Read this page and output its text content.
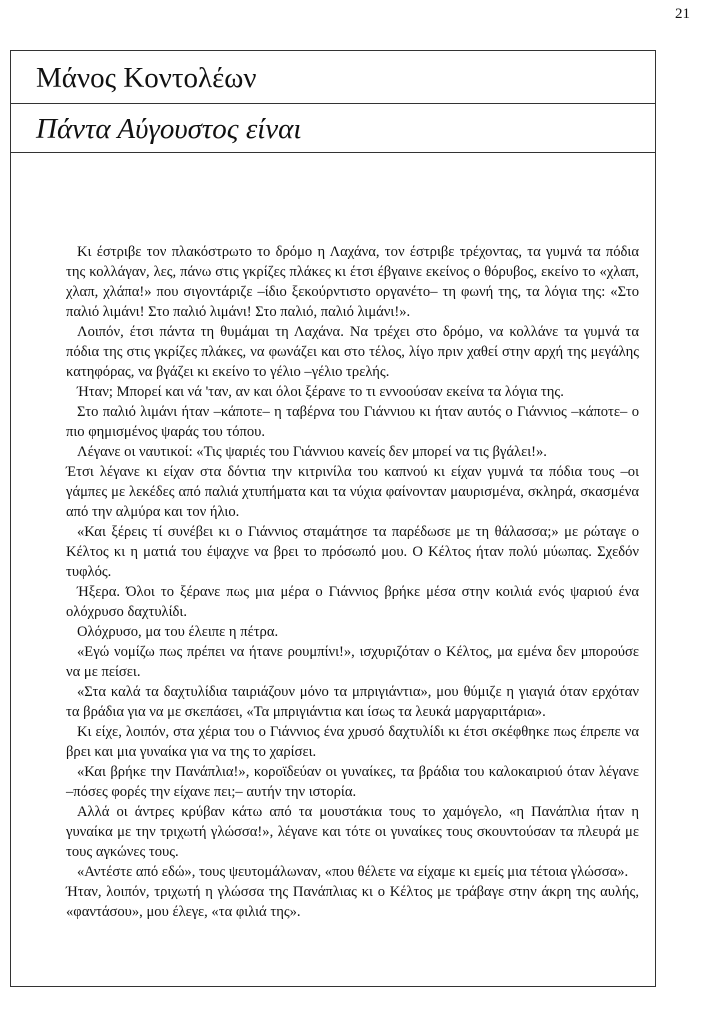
21
Μάνος Κοντολέων
Πάντα Αύγουστος είναι

Κι έστριβε τον πλακόστρωτο το δρόμο η Λαχάνα, τον έστριβε τρέχοντας, τα γυμνά τα πόδια της κολλάγαν, λες, πάνω στις γκρίζες πλάκες κι έτσι έβγαινε εκείνος ο θόρυβος, εκείνο το «χλαπ, χλαπ, χλάπα!» που σιγοντάριζε –ίδιο ξεκούρντιστο οργανέτο– τη φωνή της, τα λόγια της: «Στο παλιό λιμάνι! Στο παλιό λιμάνι! Στο παλιό, παλιό λιμάνι!».

Λοιπόν, έτσι πάντα τη θυμάμαι τη Λαχάνα. Να τρέχει στο δρόμο, να κολλάνε τα γυμνά τα πόδια της στις γκρίζες πλάκες, να φωνάζει και στο τέλος, λίγο πριν χαθεί στην αρχή της μεγάλης κατηφόρας, να βγάζει κι εκείνο το γέλιο –γέλιο τρελής.

Ήταν; Μπορεί και νά 'ταν, αν και όλοι ξέρανε το τι εννοούσαν εκείνα τα λόγια της.

Στο παλιό λιμάνι ήταν –κάποτε– η ταβέρνα του Γιάννιου κι ήταν αυτός ο Γιάννιος –κάποτε– ο πιο φημισμένος ψαράς του τόπου.

Λέγανε οι ναυτικοί: «Τις ψαριές του Γιάννιου κανείς δεν μπορεί να τις βγάλει!».

Έτσι λέγανε κι είχαν στα δόντια την κιτρινίλα του καπνού κι είχαν γυμνά τα πόδια τους –οι γάμπες με λεκέδες από παλιά χτυπήματα και τα νύχια φαίνονταν μαυρισμένα, σκληρά, σκασμένα από την αλμύρα και τον ήλιο.

«Και ξέρεις τί συνέβει κι ο Γιάννιος σταμάτησε τα παρέδωσε με τη θάλασσα;» με ρώταγε ο Κέλτος κι η ματιά του έψαχνε να βρει το πρόσωπό μου. Ο Κέλτος ήταν πολύ μύωπας. Σχεδόν τυφλός.

Ήξερα. Όλοι το ξέρανε πως μια μέρα ο Γιάννιος βρήκε μέσα στην κοιλιά ενός ψαριού ένα ολόχρυσο δαχτυλίδι.

Ολόχρυσο, μα του έλειπε η πέτρα.

«Εγώ νομίζω πως πρέπει να ήτανε ρουμπίνι!», ισχυριζόταν ο Κέλτος, μα εμένα δεν μπορούσε να με πείσει.

«Στα καλά τα δαχτυλίδια ταιριάζουν μόνο τα μπριγιάντια», μου θύμιζε η γιαγιά όταν ερχόταν τα βράδια για να με σκεπάσει, «Τα μπριγιάντια και ίσως τα λευκά μαργαριτάρια».

Κι είχε, λοιπόν, στα χέρια του ο Γιάννιος ένα χρυσό δαχτυλίδι κι έτσι σκέφθηκε πως έπρεπε να βρει και μια γυναίκα για να της το χαρίσει.

«Και βρήκε την Πανάπλια!», κοροϊδεύαν οι γυναίκες, τα βράδια του καλοκαιριού όταν λέγανε –πόσες φορές την είχανε πει;– αυτήν την ιστορία.

Αλλά οι άντρες κρύβαν κάτω από τα μουστάκια τους το χαμόγελο, «η Πανάπλια ήταν η γυναίκα με την τριχωτή γλώσσα!», λέγανε και τότε οι γυναίκες τους σκουντούσαν τα πλευρά με τους αγκώνες τους.

«Αντέστε από εδώ», τους ψευτομάλωναν, «που θέλετε να είχαμε κι εμείς μια τέτοια γλώσσα».

Ήταν, λοιπόν, τριχωτή η γλώσσα της Πανάπλιας κι ο Κέλτος με τράβαγε στην άκρη της αυλής, «φαντάσου», μου έλεγε, «τα φιλιά της».
